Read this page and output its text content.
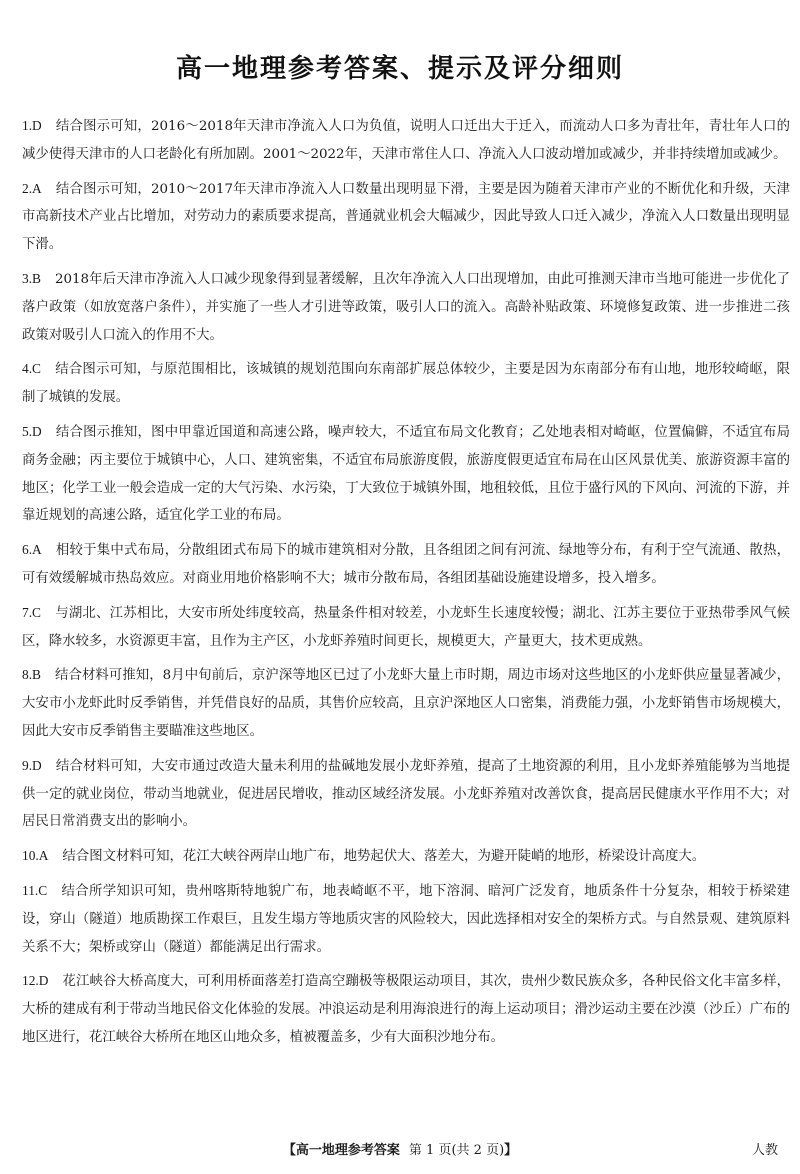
高一地理参考答案、提示及评分细则
1.D 结合图示可知，2016～2018年天津市净流入人口为负值，说明人口迁出大于迁入，而流动人口多为青壮年，青壮年人口的减少使得天津市的人口老龄化有所加剧。2001～2022年，天津市常住人口、净流入人口波动增加或减少，并非持续增加或减少。
2.A 结合图示可知，2010～2017年天津市净流入人口数量出现明显下滑，主要是因为随着天津市产业的不断优化和升级，天津市高新技术产业占比增加，对劳动力的素质要求提高，普通就业机会大幅减少，因此导致人口迁入减少，净流入人口数量出现明显下滑。
3.B 2018年后天津市净流入人口减少现象得到显著缓解，且次年净流入人口出现增加，由此可推测天津市当地可能进一步优化了落户政策（如放宽落户条件），并实施了一些人才引进等政策，吸引人口的流入。高龄补贴政策、环境修复政策、进一步推进二孩政策对吸引人口流入的作用不大。
4.C 结合图示可知，与原范围相比，该城镇的规划范围向东南部扩展总体较少，主要是因为东南部分布有山地，地形较崎岖，限制了城镇的发展。
5.D 结合图示推知，图中甲靠近国道和高速公路，噪声较大，不适宜布局文化教育；乙处地表相对崎岖，位置偏僻，不适宜布局商务金融；丙主要位于城镇中心，人口、建筑密集，不适宜布局旅游度假，旅游度假更适宜布局在山区风景优美、旅游资源丰富的地区；化学工业一般会造成一定的大气污染、水污染，丁大致位于城镇外围，地租较低，且位于盛行风的下风向、河流的下游，并靠近规划的高速公路，适宜化学工业的布局。
6.A 相较于集中式布局，分散组团式布局下的城市建筑相对分散，且各组团之间有河流、绿地等分布，有利于空气流通、散热，可有效缓解城市热岛效应。对商业用地价格影响不大；城市分散布局，各组团基础设施建设增多，投入增多。
7.C 与湖北、江苏相比，大安市所处纬度较高，热量条件相对较差，小龙虾生长速度较慢；湖北、江苏主要位于亚热带季风气候区，降水较多，水资源更丰富，且作为主产区，小龙虾养殖时间更长，规模更大，产量更大，技术更成熟。
8.B 结合材料可推知，8月中旬前后，京沪深等地区已过了小龙虾大量上市时期，周边市场对这些地区的小龙虾供应量显著减少，大安市小龙虾此时反季销售，并凭借良好的品质，其售价应较高，且京沪深地区人口密集，消费能力强，小龙虾销售市场规模大，因此大安市反季销售主要瞄准这些地区。
9.D 结合材料可知，大安市通过改造大量未利用的盐碱地发展小龙虾养殖，提高了土地资源的利用，且小龙虾养殖能够为当地提供一定的就业岗位，带动当地就业，促进居民增收，推动区域经济发展。小龙虾养殖对改善饮食，提高居民健康水平作用不大；对居民日常消费支出的影响小。
10.A 结合图文材料可知，花江大峡谷两岸山地广布，地势起伏大、落差大，为避开陡峭的地形，桥梁设计高度大。
11.C 结合所学知识可知，贵州喀斯特地貌广布，地表崎岖不平，地下溶洞、暗河广泛发育，地质条件十分复杂，相较于桥梁建设，穿山（隧道）地质勘探工作艰巨，且发生塌方等地质灾害的风险较大，因此选择相对安全的架桥方式。与自然景观、建筑原料关系不大；架桥或穿山（隧道）都能满足出行需求。
12.D 花江峡谷大桥高度大，可利用桥面落差打造高空蹦极等极限运动项目，其次，贵州少数民族众多，各种民俗文化丰富多样，大桥的建成有利于带动当地民俗文化体验的发展。冲浪运动是利用海浪进行的海上运动项目；滑沙运动主要在沙漠（沙丘）广布的地区进行，花江峡谷大桥所在地区山地众多，植被覆盖多，少有大面积沙地分布。
【高一地理参考答案 第 1 页(共 2 页)】	人教
